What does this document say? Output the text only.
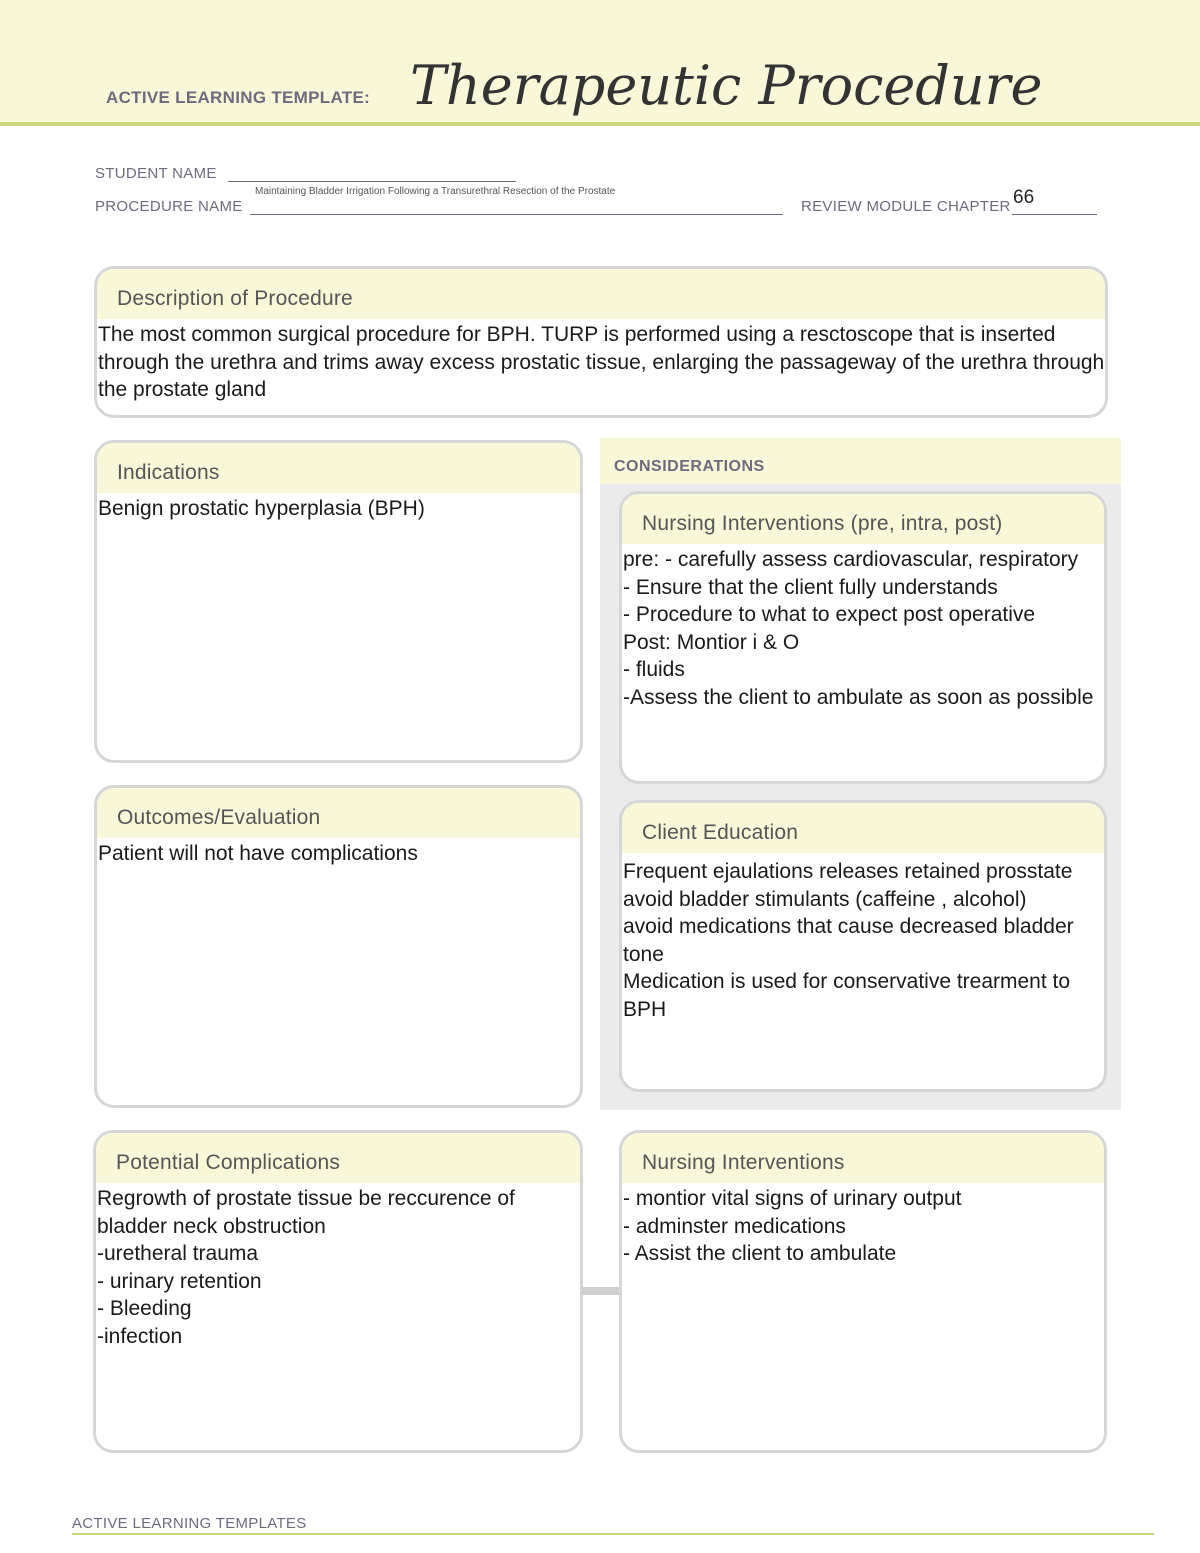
ACTIVE LEARNING TEMPLATE: Therapeutic Procedure
STUDENT NAME
PROCEDURE NAME
Maintaining Bladder Irrigation Following a Transurethral Resection of the Prostate
REVIEW MODULE CHAPTER 66
Description of Procedure
The most common surgical procedure for BPH. TURP is performed using a resctoscope that is inserted through the urethra and trims away excess prostatic tissue, enlarging the passageway of the urethra through the prostate gland
Indications
Benign prostatic hyperplasia (BPH)
Outcomes/Evaluation
Patient will not have complications
CONSIDERATIONS
Nursing Interventions (pre, intra, post)
pre: - carefully assess cardiovascular, respiratory
- Ensure that the client fully understands
- Procedure to what to expect post operative
Post: Montior i & O
- fluids
-Assess the client to ambulate as soon as possible
Client Education
Frequent ejaulations releases retained prosstate
avoid bladder stimulants (caffeine , alcohol)
avoid medications that cause decreased bladder tone
Medication is used for conservative trearment to BPH
Potential Complications
Regrowth of prostate tissue be reccurence of bladder neck obstruction
-uretheral trauma
- urinary retention
- Bleeding
-infection
Nursing Interventions
- montior vital signs of urinary output
- adminster medications
- Assist the client to ambulate
ACTIVE LEARNING TEMPLATES
